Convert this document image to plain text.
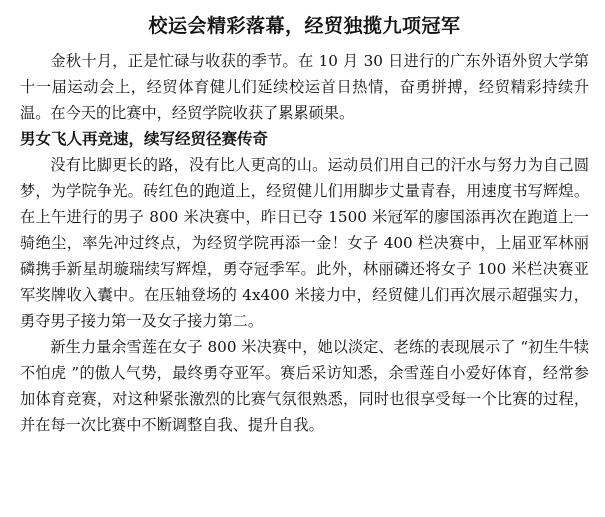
校运会精彩落幕，经贸独揽九项冠军

金秋十月，正是忙碌与收获的季节。在 10 月 30 日进行的广东外语外贸大学第十一届运动会上，经贸体育健儿们延续校运首日热情，奋勇拼搏，经贸精彩持续升温。在今天的比赛中，经贸学院收获了累累硕果。

男女飞人再竞速，续写经贸径赛传奇

没有比脚更长的路，没有比人更高的山。运动员们用自己的汗水与努力为自己圆梦，为学院争光。砖红色的跑道上，经贸健儿们用脚步丈量青春，用速度书写辉煌。在上午进行的男子 800 米决赛中，昨日已夺 1500 米冠军的廖国添再次在跑道上一骑绝尘，率先冲过终点，为经贸学院再添一金！女子 400 栏决赛中，上届亚军林丽磷携手新星胡璇瑞续写辉煌，勇夺冠季军。此外，林丽磷还将女子 100 米栏决赛亚军奖牌收入囊中。在压轴登场的 4x400 米接力中，经贸健儿们再次展示超强实力，勇夺男子接力第一及女子接力第二。

新生力量余雪莲在女子 800 米决赛中，她以淡定、老练的表现展示了 “初生牛犊不怕虎 ”的傲人气势，最终勇夺亚军。赛后采访知悉，余雪莲自小爱好体育，经常参加体育竞赛，对这种紧张激烈的比赛气氛很熟悉，同时也很享受每一个比赛的过程，并在每一次比赛中不断调整自我、提升自我。
